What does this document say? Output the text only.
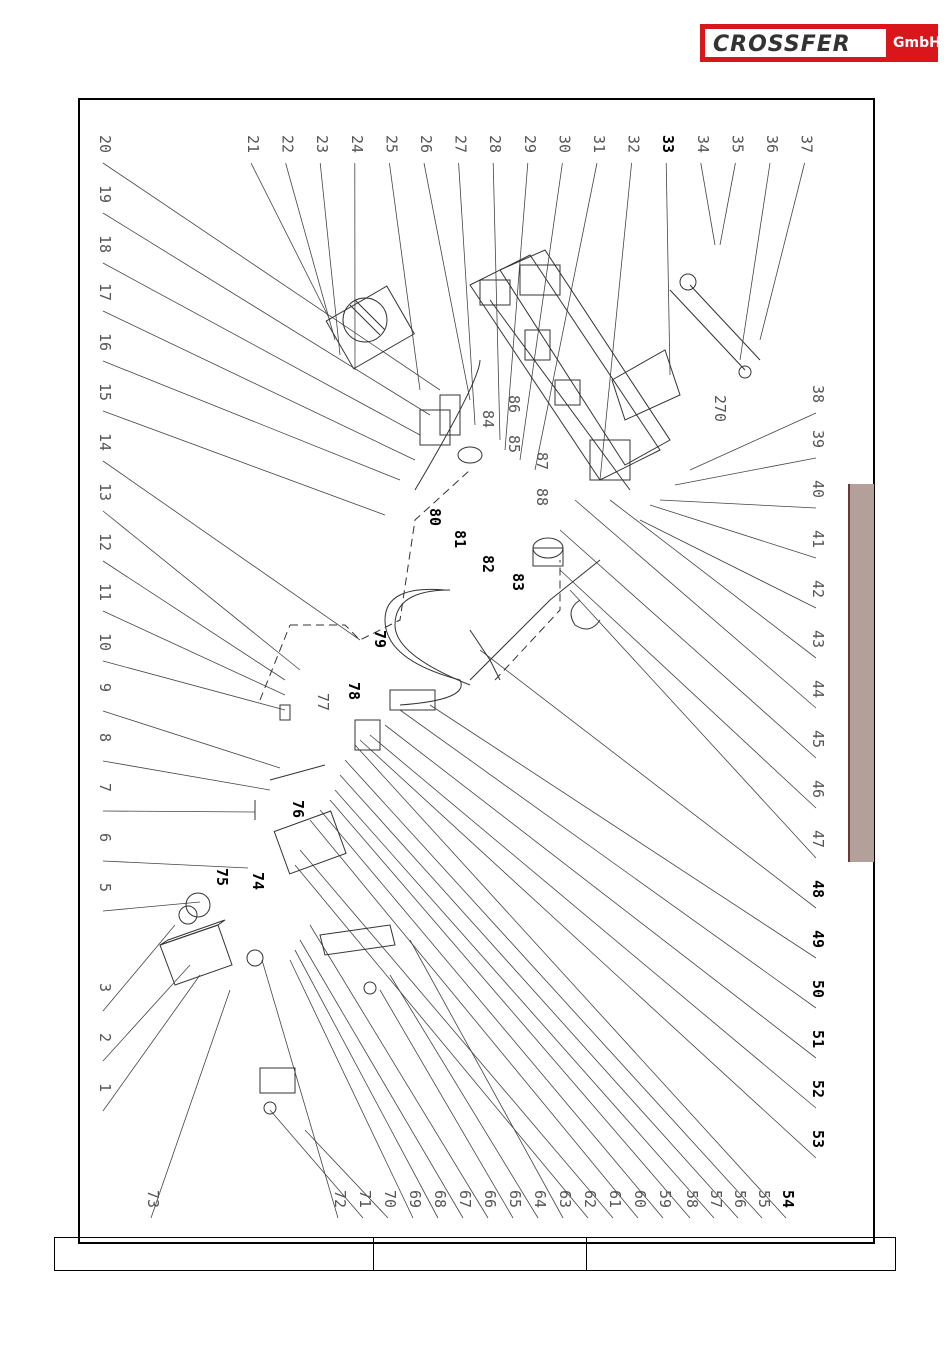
CROSSFER	GmbH
20
19
18
17
16
15
14
13
12
11
10
9
8
7
6
5
3
2
1
21 22 23 24 25 26 27 28 29 30 31 32 33 34 35 36 37
38
39
40
41
42
43
44
45
46
47
48
49
50
51
52
53
54
55
56
57
58
59
60
61
62
63
64
65
66
67
68
69
70
71
72
73
270
86
85
84
87
88
80
81
82
83
79
78
77
76
75 74
